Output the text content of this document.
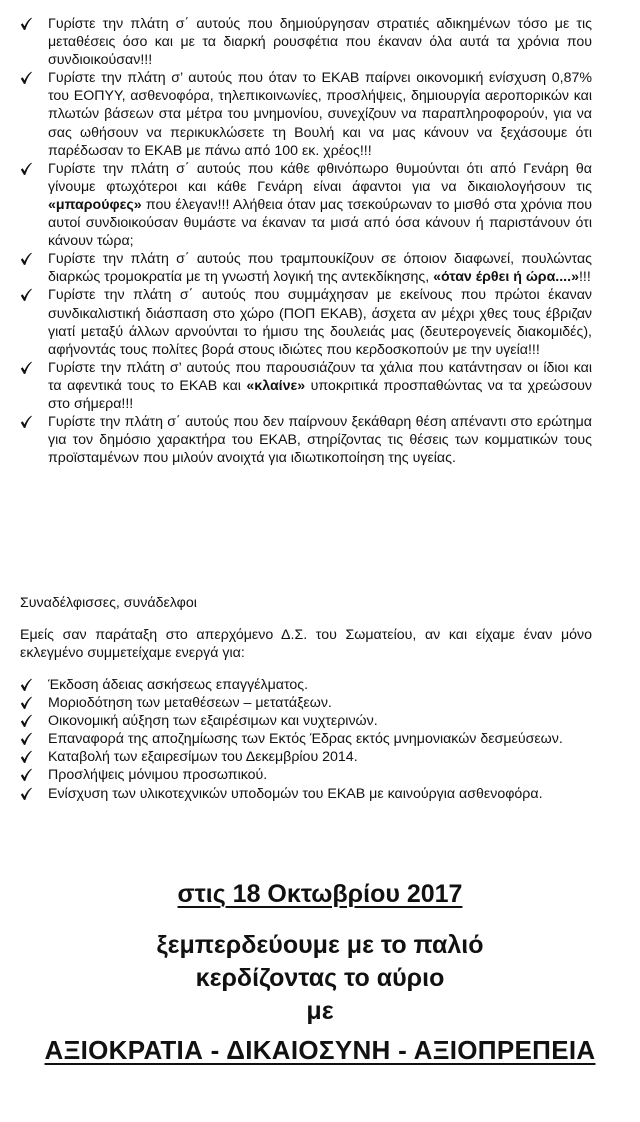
Γυρίστε την πλάτη σ΄ αυτούς που δημιούργησαν στρατιές αδικημένων τόσο με τις μεταθέσεις όσο και με τα διαρκή ρουσφέτια που έκαναν όλα αυτά τα χρόνια που συνδιοικούσαν!!!
Γυρίστε την πλάτη σ’ αυτούς που όταν το ΕΚΑΒ παίρνει οικονομική ενίσχυση 0,87% του ΕΟΠΥΥ, ασθενοφόρα, τηλεπικοινωνίες, προσλήψεις, δημιουργία αεροπορικών και πλωτών βάσεων στα μέτρα του μνημονίου, συνεχίζουν να παραπληροφορούν, για να σας ωθήσουν να περικυκλώσετε τη Βουλή και να μας κάνουν να ξεχάσουμε ότι παρέδωσαν το ΕΚΑΒ με πάνω από 100 εκ. χρέος!!!
Γυρίστε την πλάτη σ΄ αυτούς που κάθε φθινόπωρο θυμούνται ότι από Γενάρη θα γίνουμε φτωχότεροι και κάθε Γενάρη είναι άφαντοι για να δικαιολογήσουν τις «μπαρούφες» που έλεγαν!!! Αλήθεια όταν μας τσεκούρωναν το μισθό στα χρόνια που αυτοί συνδιοικούσαν θυμάστε να έκαναν τα μισά από όσα κάνουν ή παριστάνουν ότι κάνουν τώρα;
Γυρίστε την πλάτη σ΄ αυτούς που τραμπουκίζουν σε όποιον διαφωνεί, πουλώντας διαρκώς τρομοκρατία με τη γνωστή λογική της αντεκδίκησης, «όταν έρθει ή ώρα....»!!!
Γυρίστε την πλάτη σ΄ αυτούς που συμμάχησαν με εκείνους που πρώτοι έκαναν συνδικαλιστική διάσπαση στο χώρο (ΠΟΠ ΕΚΑΒ), άσχετα αν μέχρι χθες τους έβριζαν γιατί μεταξύ άλλων αρνούνται το ήμισυ της δουλειάς μας (δευτερογενείς διακομιδές), αφήνοντάς τους πολίτες βορά στους ιδιώτες που κερδοσκοπούν με την υγεία!!!
Γυρίστε την πλάτη σ’ αυτούς που παρουσιάζουν τα χάλια που κατάντησαν οι ίδιοι και τα αφεντικά τους το ΕΚΑΒ και «κλαίνε» υποκριτικά προσπαθώντας να τα χρεώσουν στο σήμερα!!!
Γυρίστε την πλάτη σ΄ αυτούς που δεν παίρνουν ξεκάθαρη θέση απέναντι στο ερώτημα για τον δημόσιο χαρακτήρα του ΕΚΑΒ, στηρίζοντας τις θέσεις των κομματικών τους προϊσταμένων που μιλούν ανοιχτά για ιδιωτικοποίηση της υγείας.

Συναδέλφισσες, συνάδελφοι

Εμείς σαν παράταξη στο απερχόμενο Δ.Σ. του Σωματείου, αν και είχαμε έναν μόνο εκλεγμένο συμμετείχαμε ενεργά για:

Έκδοση άδειας ασκήσεως επαγγέλματος.
Μοριοδότηση των μεταθέσεων – μετατάξεων.
Οικονομική αύξηση των εξαιρέσιμων και νυχτερινών.
Επαναφορά της αποζημίωσης των Εκτός Έδρας εκτός μνημονιακών δεσμεύσεων.
Καταβολή των εξαιρεσίμων του Δεκεμβρίου 2014.
Προσλήψεις μόνιμου προσωπικού.
Ενίσχυση των υλικοτεχνικών υποδομών του ΕΚΑΒ με καινούργια ασθενοφόρα.

στις 18 Οκτωβρίου 2017

ξεμπερδεύουμε με το παλιό

κερδίζοντας το αύριο

με

ΑΞΙΟΚΡΑΤΙΑ - ΔΙΚΑΙΟΣΥΝΗ - ΑΞΙΟΠΡΕΠΕΙΑ
